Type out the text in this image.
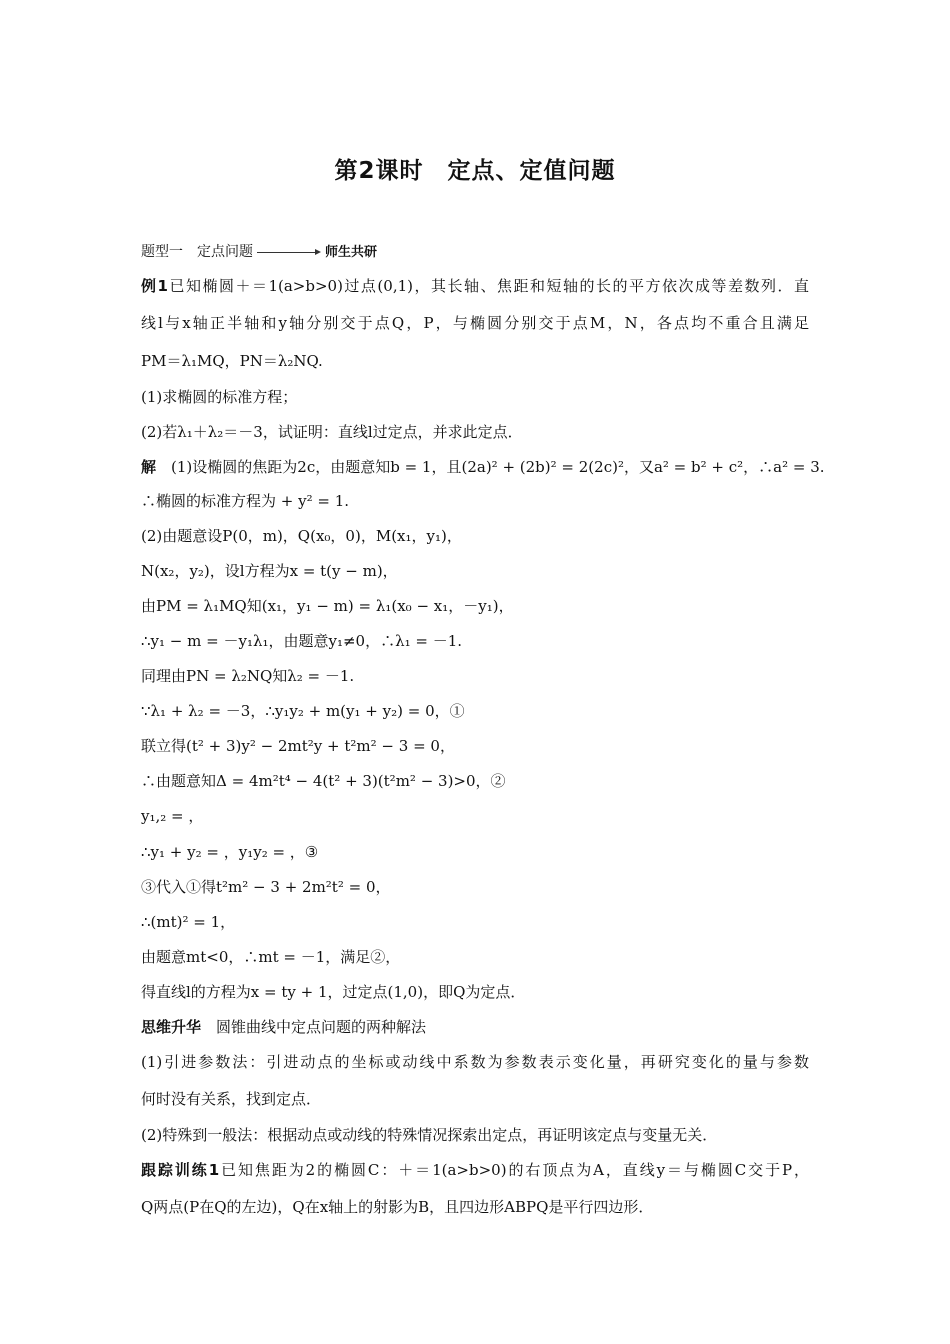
第2课时 定点、定值问题
题型一　定点问题	师生共研
例1已知椭圆＋＝1(a>b>0)过点(0,1)，其长轴、焦距和短轴的长的平方依次成等差数列．直
线l与x轴正半轴和y轴分别交于点Q，P，与椭圆分别交于点M，N，各点均不重合且满足
PM＝λ₁MQ，PN＝λ₂NQ.
(1)求椭圆的标准方程；
(2)若λ₁＋λ₂＝－3，试证明：直线l过定点，并求此定点．
解　 (1)设椭圆的焦距为2c，由题意知b = 1，且(2a)² + (2b)² = 2(2c)²，又a² = b² + c²，∴a² = 3.
∴椭圆的标准方程为 + y² = 1.
(2)由题意设P(0，m)，Q(x₀，0)，M(x₁，y₁)，
N(x₂，y₂)，设l方程为x = t(y − m)，
由PM = λ₁MQ知(x₁，y₁ − m) = λ₁(x₀ − x₁，－y₁)，
∴y₁ − m = －y₁λ₁，由题意y₁≠0，∴λ₁ = －1.
同理由PN = λ₂NQ知λ₂ = －1.
∵λ₁ + λ₂ = －3，∴y₁y₂ + m(y₁ + y₂) = 0，①
联立得(t² + 3)y² − 2mt²y + t²m² − 3 = 0，
∴由题意知Δ = 4m²t⁴ − 4(t² + 3)(t²m² − 3)>0，②
y₁,₂ = ，
∴y₁ + y₂ = ，y₁y₂ = ，③
③代入①得t²m² − 3 + 2m²t² = 0，
∴(mt)² = 1，
由题意mt<0，∴mt = －1，满足②，
得直线l的方程为x = ty + 1，过定点(1,0)，即Q为定点．
思维升华　 圆锥曲线中定点问题的两种解法
(1)引进参数法：引进动点的坐标或动线中系数为参数表示变化量，再研究变化的量与参数
何时没有关系，找到定点．
(2)特殊到一般法：根据动点或动线的特殊情况探索出定点，再证明该定点与变量无关．
跟踪训练1已知焦距为2的椭圆C：＋＝1(a>b>0)的右顶点为A，直线y＝与椭圆C交于P，
Q两点(P在Q的左边)，Q在x轴上的射影为B，且四边形ABPQ是平行四边形．
